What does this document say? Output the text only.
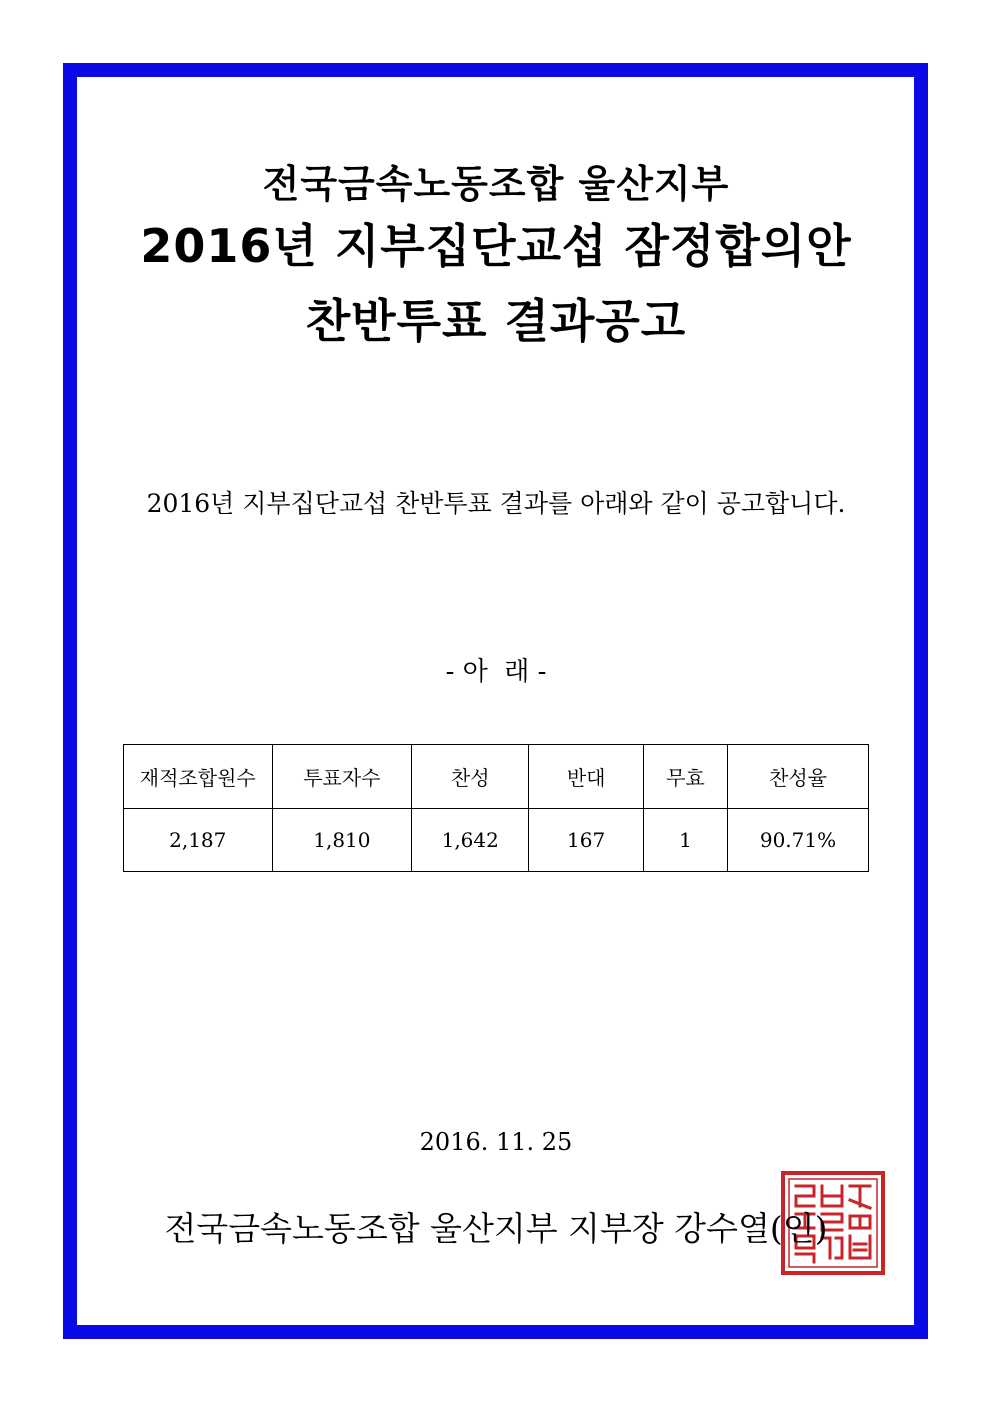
전국금속노동조합 울산지부
2016년 지부집단교섭 잠정합의안
찬반투표 결과공고
2016년 지부집단교섭 찬반투표 결과를 아래와 같이 공고합니다.
- 아  래 -
재적조합원수	투표자수	찬성	반대	무효	찬성율
2,187	1,810	1,642	167	1	90.71%
2016. 11. 25
전국금속노동조합 울산지부 지부장 강수열(인)
